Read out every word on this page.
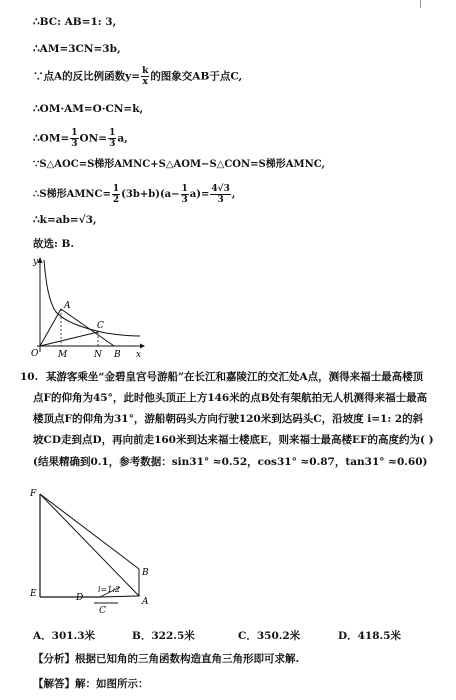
∴BC: AB=1: 3,
∴AM=3CN=3b,
∵点A的反比例函数$y= \frac{k}{x}$ 的图象交AB于点C,
∴OM·AM=O·CN=k,
∴OM= $\frac{1}{3} ON= \frac{1}{3} a$,
∵S△AOC=S梯形AMNC+S△AOM−S△CON=S梯形AMNC,
∴S梯形AMNC= $\frac{1}{2} (3b+b)(a- \frac{1}{3} a)= \frac{4√3}{3}$ ,
∴k=ab=√3,
故选: B.
y
x
O
A
C
M	N B
10. 某游客乘坐“金碧皇宫号游船”在长江和嘉陵江的交汇处A点，测得来福士最高楼顶
点F的仰角为45°，此时他头顶正上方146米的点B处有架航拍无人机测得来福士最高
楼顶点F的仰角为31°，游船朝码头方向行驶120米到达码头C，沿坡度 i=1: 2的斜
坡CD走到点D，再向前走160米到达来福士楼底E，则来福士最高楼EF的高度约为( )
(结果精确到0.1，参考数据：sin31° ≈0.52，cos31° ≈0.87，tan31° ≈0.60)
F
E	D
B
A
C
i=1:2
A．301.3米	B．322.5米	C．350.2米	D．418.5米
【分析】根据已知角的三角函数构造直角三角形即可求解.
【解答】解：如图所示：
